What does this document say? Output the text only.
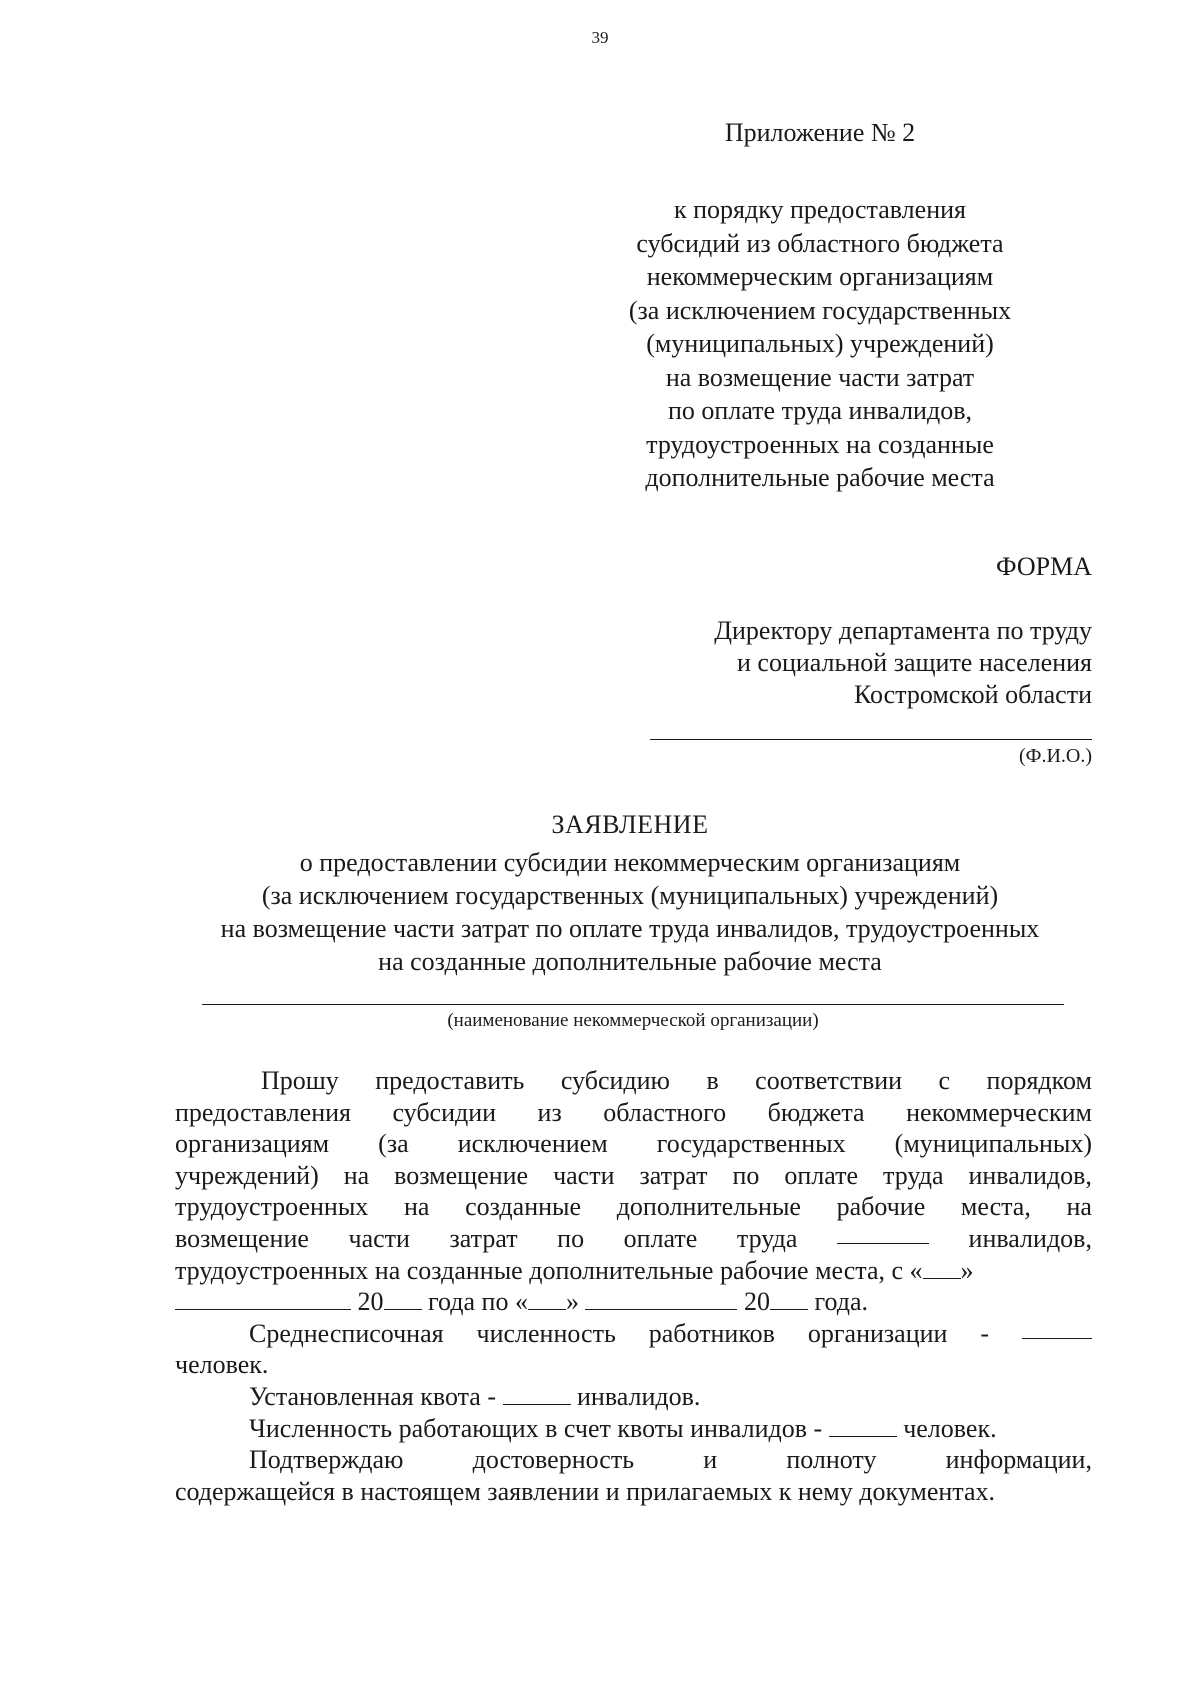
39
Приложение № 2
к порядку предоставления
субсидий из областного бюджета
некоммерческим организациям
(за исключением государственных
(муниципальных) учреждений)
на возмещение части затрат
по оплате труда инвалидов,
трудоустроенных на созданные
дополнительные рабочие места
ФОРМА
Директору департамента по труду
и социальной защите населения
Костромской области
(Ф.И.О.)
ЗАЯВЛЕНИЕ
о предоставлении субсидии некоммерческим организациям
(за исключением государственных (муниципальных) учреждений)
на возмещение части затрат по оплате труда инвалидов, трудоустроенных
на созданные дополнительные рабочие места
(наименование некоммерческой организации)
Прошу предоставить субсидию в соответствии с порядком
предоставления субсидии из областного бюджета некоммерческим
организациям (за исключением государственных (муниципальных)
учреждений) на возмещение части затрат по оплате труда инвалидов,
трудоустроенных на созданные дополнительные рабочие места, на
возмещение части затрат по оплате труда	инвалидов,
трудоустроенных на созданные дополнительные рабочие места, с « »
20 года по « »	20 года.
Среднесписочная численность работников организации -
человек.
Установленная квота -	инвалидов.
Численность работающих в счет квоты инвалидов -	человек.
Подтверждаю	достоверность	и	полноту	информации,
содержащейся в настоящем заявлении и прилагаемых к нему документах.
